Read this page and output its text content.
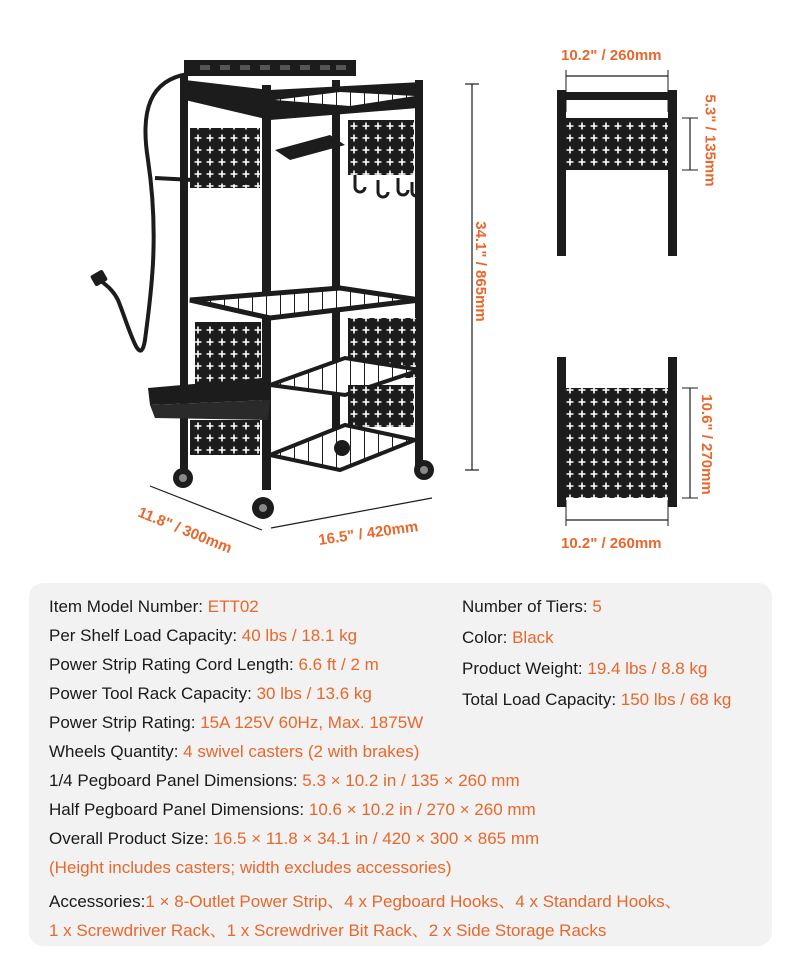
34.1" / 865mm
16.5" / 420mm
11.8" / 300mm
10.2" / 260mm
5.3" / 135mm
10.2" / 260mm
10.6" / 270mm
Item Model Number: ETT02
Per Shelf Load Capacity: 40 lbs / 18.1 kg
Power Strip Rating Cord Length: 6.6 ft / 2 m
Power Tool Rack Capacity: 30 lbs / 13.6 kg
Power Strip Rating: 15A 125V 60Hz, Max. 1875W
Wheels Quantity: 4 swivel casters (2 with brakes)
1/4 Pegboard Panel Dimensions: 5.3 × 10.2 in / 135 × 260 mm
Half Pegboard Panel Dimensions: 10.6 × 10.2 in / 270 × 260 mm
Overall Product Size: 16.5 × 11.8 × 34.1 in / 420 × 300 × 865 mm
(Height includes casters; width excludes accessories)
Accessories:1 × 8-Outlet Power Strip、4 x Pegboard Hooks、4 x Standard Hooks、
1 x Screwdriver Rack、1 x Screwdriver Bit Rack、2 x Side Storage Racks
Number of Tiers: 5
Color: Black
Product Weight: 19.4 lbs / 8.8 kg
Total Load Capacity: 150 lbs / 68 kg
